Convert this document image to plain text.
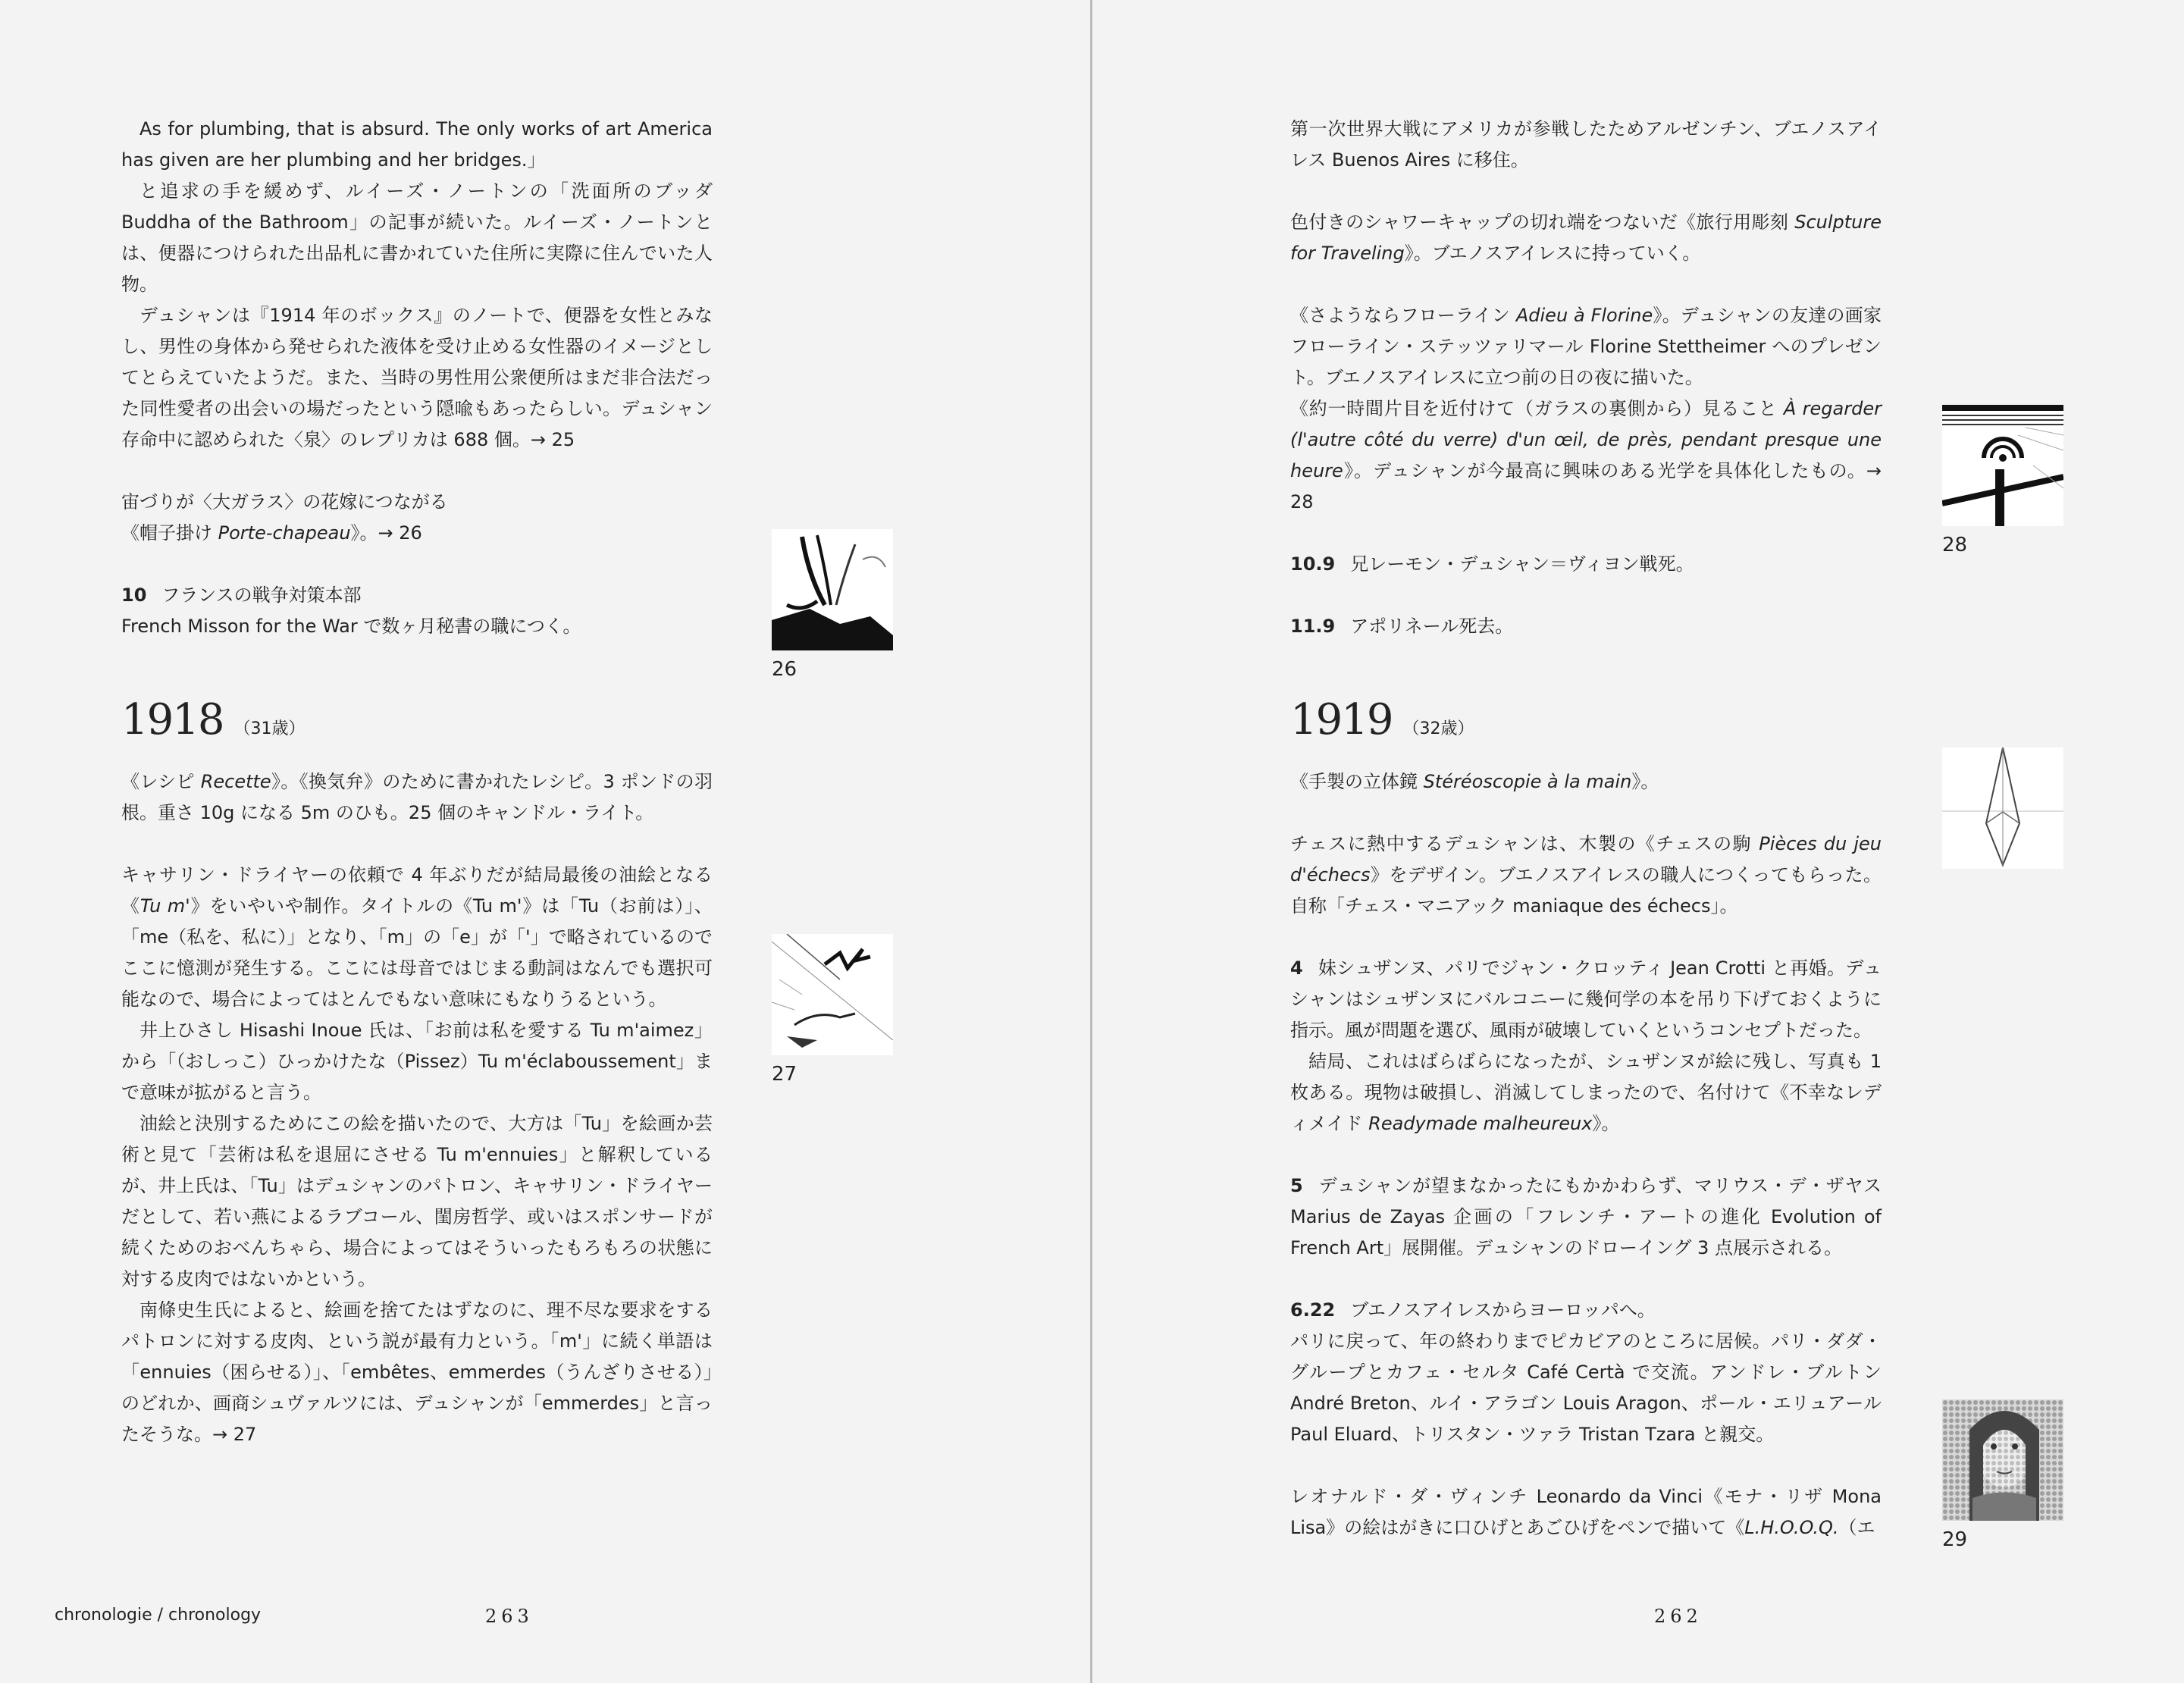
As for plumbing, that is absurd. The only works of art America has given are her plumbing and her bridges.」

と追求の手を緩めず、ルイーズ・ノートンの「洗面所のブッダ Buddha of the Bathroom」の記事が続いた。ルイーズ・ノートンとは、便器につけられた出品札に書かれていた住所に実際に住んでいた人物。

デュシャンは『1914 年のボックス』のノートで、便器を女性とみなし、男性の身体から発せられた液体を受け止める女性器のイメージとしてとらえていたようだ。また、当時の男性用公衆便所はまだ非合法だった同性愛者の出会いの場だったという隠喩もあったらしい。デュシャン存命中に認められた〈泉〉のレプリカは 688 個。→ 25

宙づりが〈大ガラス〉の花嫁につながる

《帽子掛け Porte-chapeau》。→ 26

10 フランスの戦争対策本部

French Misson for the War で数ヶ月秘書の職につく。

1918 （31歳）

《レシピ Recette》。《換気弁》のために書かれたレシピ。3 ポンドの羽根。重さ 10g になる 5m のひも。25 個のキャンドル・ライト。

キャサリン・ドライヤーの依頼で 4 年ぶりだが結局最後の油絵となる《Tu m'》をいやいや制作。タイトルの《Tu m'》は「Tu（お前は）」、「me（私を、私に）」となり、「m」の「e」が「'」で略されているのでここに憶測が発生する。ここには母音ではじまる動詞はなんでも選択可能なので、場合によってはとんでもない意味にもなりうるという。

井上ひさし Hisashi Inoue 氏は、「お前は私を愛する Tu m'aimez」から「（おしっこ）ひっかけたな（Pissez）Tu m'éclaboussement」まで意味が拡がると言う。

油絵と決別するためにこの絵を描いたので、大方は「Tu」を絵画か芸術と見て「芸術は私を退屈にさせる Tu m'ennuies」と解釈しているが、井上氏は、「Tu」はデュシャンのパトロン、キャサリン・ドライヤーだとして、若い燕によるラブコール、閨房哲学、或いはスポンサードが続くためのおべんちゃら、場合によってはそういったもろもろの状態に対する皮肉ではないかという。

南條史生氏によると、絵画を捨てたはずなのに、理不尽な要求をするパトロンに対する皮肉、という説が最有力という。「m'」に続く単語は「ennuies（困らせる）」、「embêtes、emmerdes（うんざりさせる）」のどれか、画商シュヴァルツには、デュシャンが「emmerdes」と言ったそうな。→ 27

26
27
chronologie / chronology	263

第一次世界大戦にアメリカが参戦したためアルゼンチン、ブエノスアイレス Buenos Aires に移住。

色付きのシャワーキャップの切れ端をつないだ《旅行用彫刻 Sculpture for Traveling》。ブエノスアイレスに持っていく。

《さようならフローライン Adieu à Florine》。デュシャンの友達の画家フローライン・ステッツァリマール Florine Stettheimer へのプレゼント。ブエノスアイレスに立つ前の日の夜に描いた。

《約一時間片目を近付けて（ガラスの裏側から）見ること À regarder (l'autre côté du verre) d'un œil, de près, pendant presque une heure》。デュシャンが今最高に興味のある光学を具体化したもの。→ 28

10.9 兄レーモン・デュシャン＝ヴィヨン戦死。

11.9 アポリネール死去。

1919 （32歳）

《手製の立体鏡 Stéréoscopie à la main》。

チェスに熱中するデュシャンは、木製の《チェスの駒 Pièces du jeu d'échecs》をデザイン。ブエノスアイレスの職人につくってもらった。自称「チェス・マニアック maniaque des échecs」。

4 妹シュザンヌ、パリでジャン・クロッティ Jean Crotti と再婚。デュシャンはシュザンヌにバルコニーに幾何学の本を吊り下げておくように指示。風が問題を選び、風雨が破壊していくというコンセプトだった。

結局、これはばらばらになったが、シュザンヌが絵に残し、写真も 1 枚ある。現物は破損し、消滅してしまったので、名付けて《不幸なレディメイド Readymade malheureux》。

5 デュシャンが望まなかったにもかかわらず、マリウス・デ・ザヤス Marius de Zayas 企画の「フレンチ・アートの進化 Evolution of French Art」展開催。デュシャンのドローイング 3 点展示される。

6.22 ブエノスアイレスからヨーロッパへ。

パリに戻って、年の終わりまでピカビアのところに居候。パリ・ダダ・グループとカフェ・セルタ Café Certà で交流。アンドレ・ブルトン André Breton、ルイ・アラゴン Louis Aragon、ポール・エリュアール Paul Eluard、トリスタン・ツァラ Tristan Tzara と親交。

レオナルド・ダ・ヴィンチ Leonardo da Vinci《モナ・リザ Mona Lisa》の絵はがきに口ひげとあごひげをペンで描いて《L.H.O.O.Q.（エ

28
29
262
